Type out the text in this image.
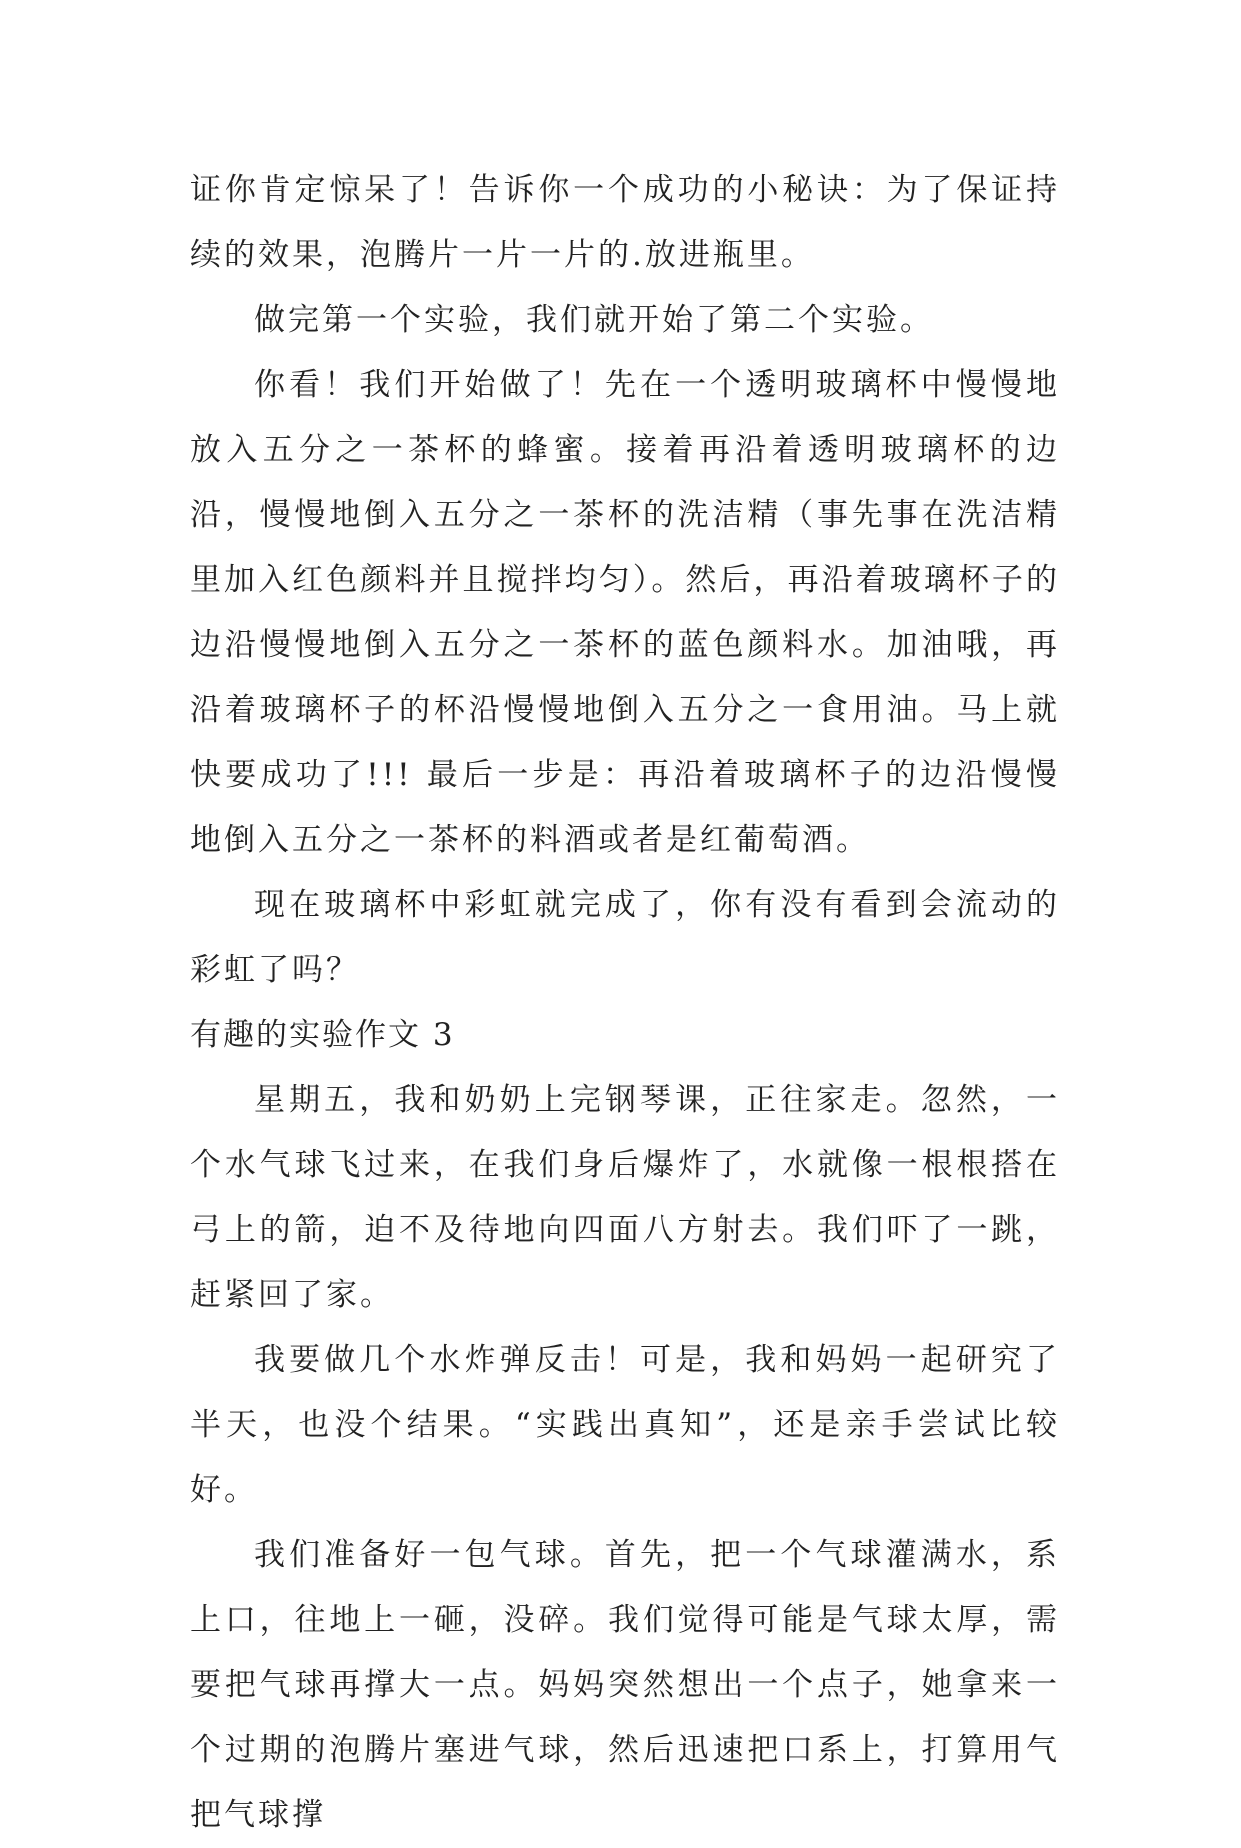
证你肯定惊呆了！告诉你一个成功的小秘诀：为了保证持续的效果，泡腾片一片一片的.放进瓶里。

做完第一个实验，我们就开始了第二个实验。

你看！我们开始做了！先在一个透明玻璃杯中慢慢地放入五分之一茶杯的蜂蜜。接着再沿着透明玻璃杯的边沿，慢慢地倒入五分之一茶杯的洗洁精（事先事在洗洁精里加入红色颜料并且搅拌均匀）。然后，再沿着玻璃杯子的边沿慢慢地倒入五分之一茶杯的蓝色颜料水。加油哦，再沿着玻璃杯子的杯沿慢慢地倒入五分之一食用油。马上就快要成功了!!! 最后一步是：再沿着玻璃杯子的边沿慢慢地倒入五分之一茶杯的料酒或者是红葡萄酒。

现在玻璃杯中彩虹就完成了，你有没有看到会流动的彩虹了吗？

有趣的实验作文 3

星期五，我和奶奶上完钢琴课，正往家走。忽然，一个水气球飞过来，在我们身后爆炸了，水就像一根根搭在弓上的箭，迫不及待地向四面八方射去。我们吓了一跳，赶紧回了家。

我要做几个水炸弹反击！可是，我和妈妈一起研究了半天，也没个结果。“实践出真知”，还是亲手尝试比较好。

我们准备好一包气球。首先，把一个气球灌满水，系上口，往地上一砸，没碎。我们觉得可能是气球太厚，需要把气球再撑大一点。妈妈突然想出一个点子，她拿来一个过期的泡腾片塞进气球，然后迅速把口系上，打算用气把气球撑
